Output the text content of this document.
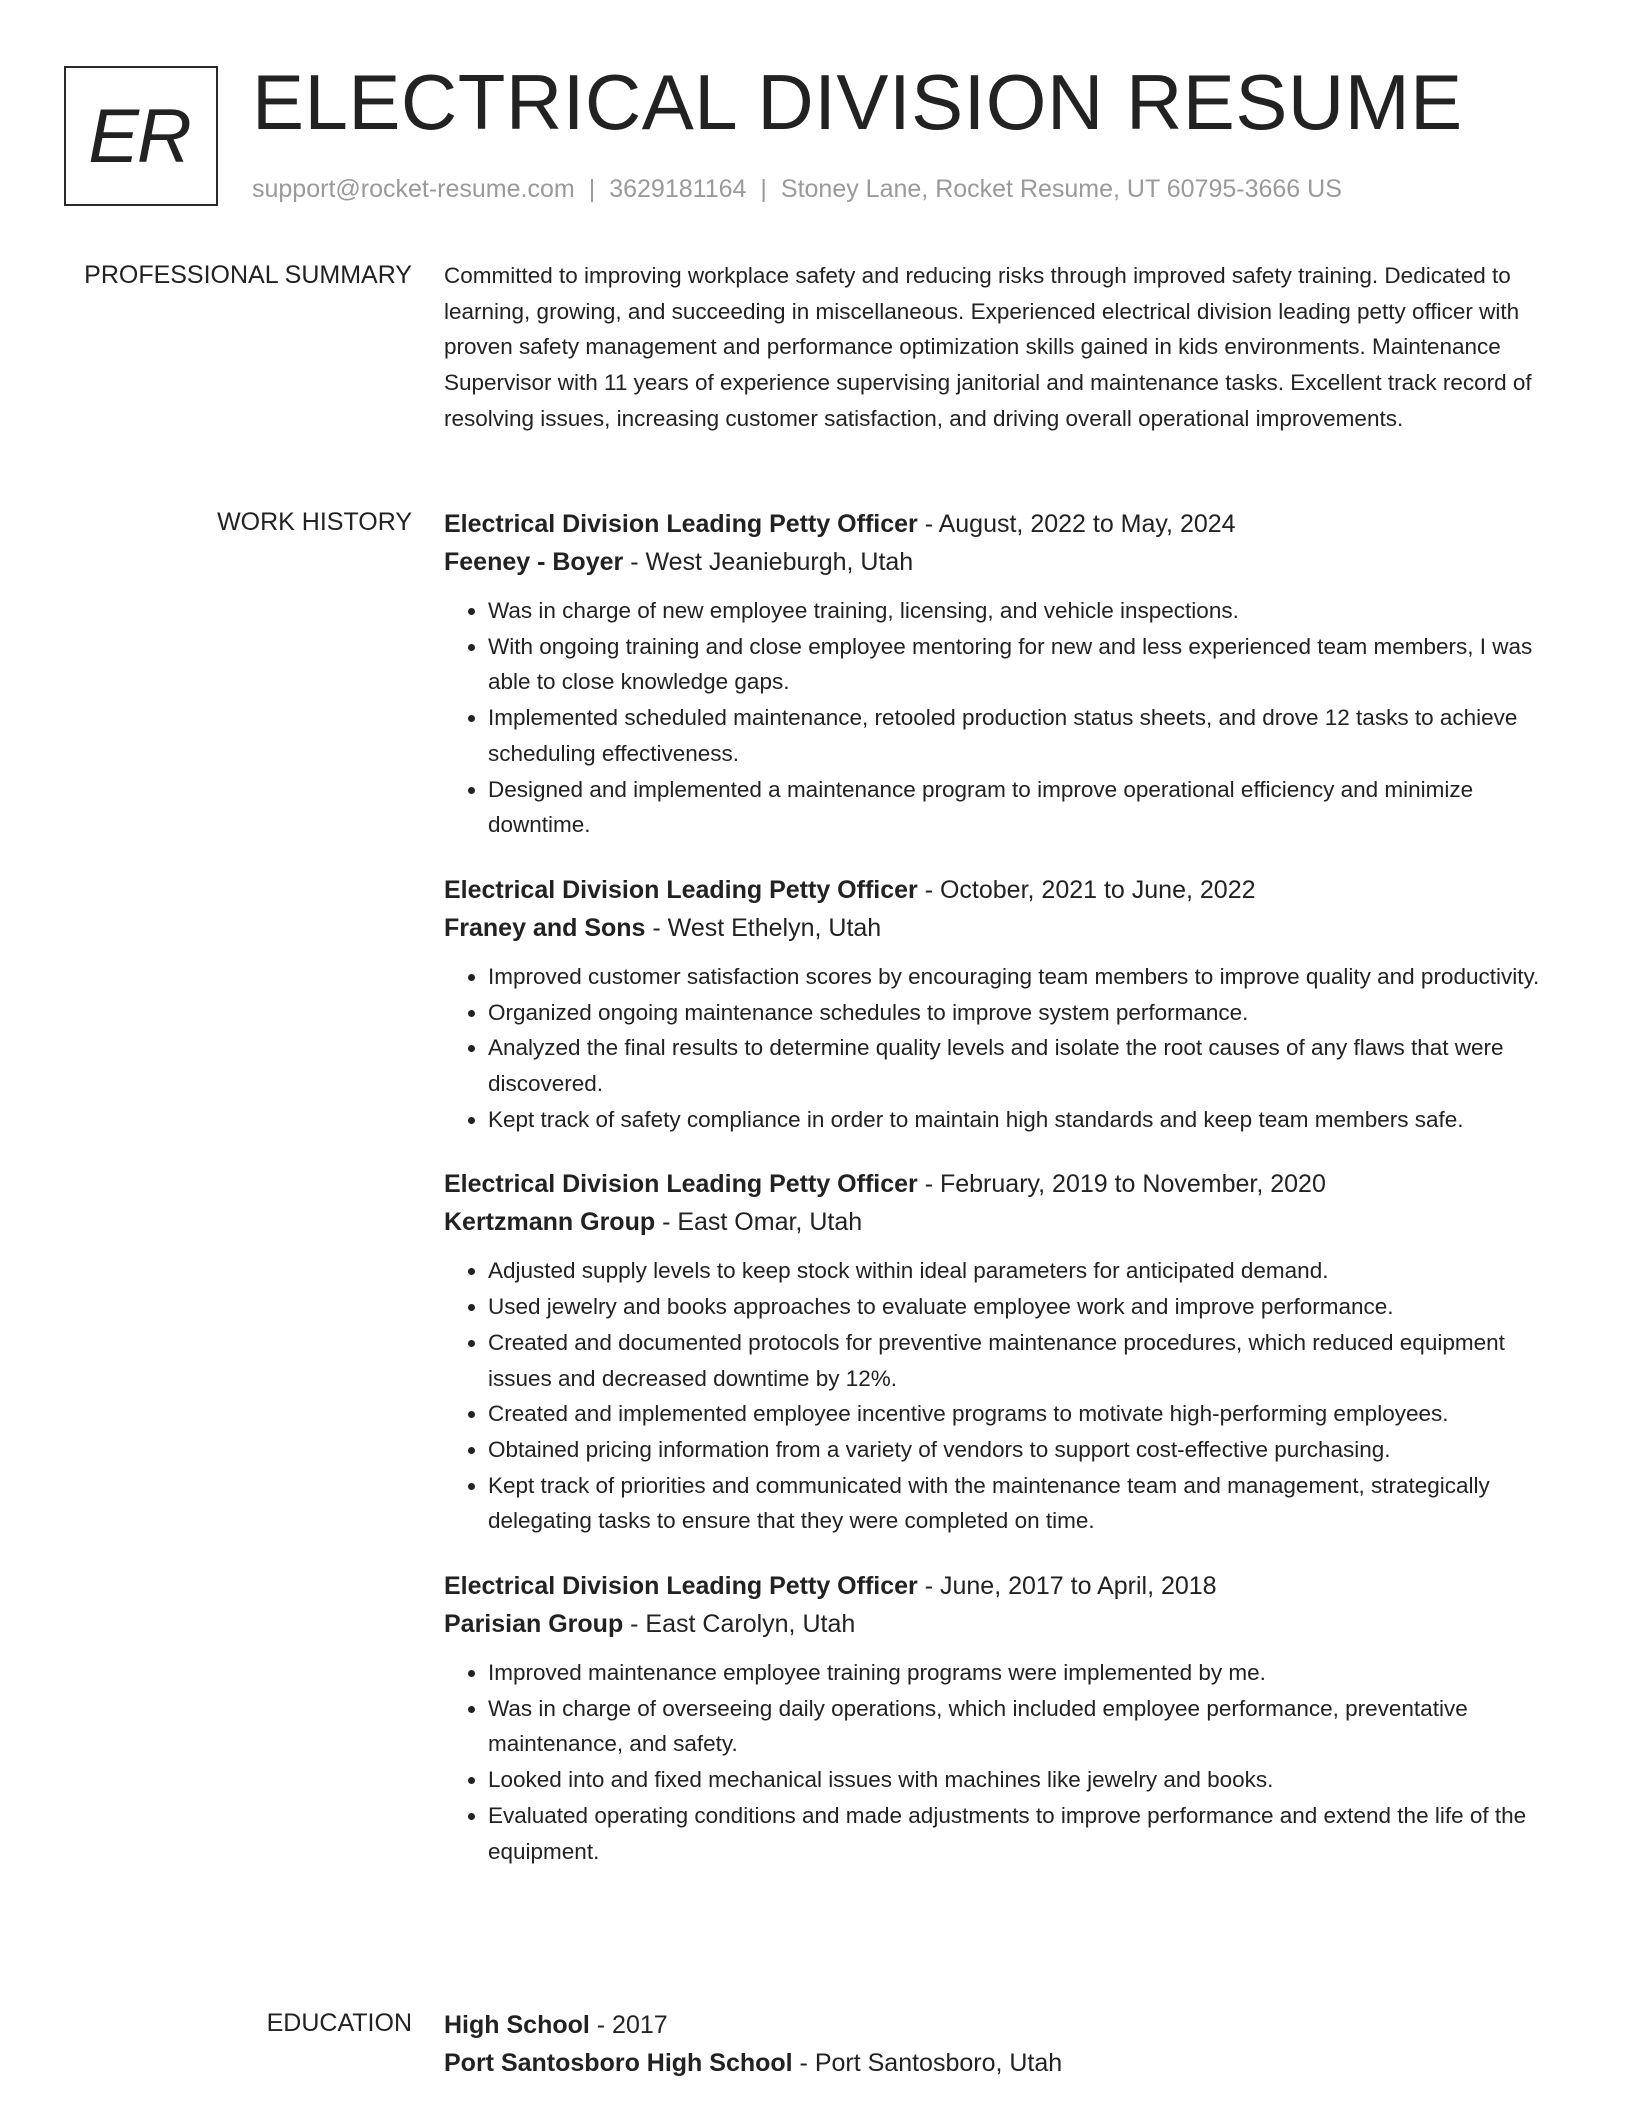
ER ELECTRICAL DIVISION RESUME
support@rocket-resume.com | 3629181164 | Stoney Lane, Rocket Resume, UT 60795-3666 US
PROFESSIONAL SUMMARY Committed to improving workplace safety and reducing risks through improved safety training. Dedicated to learning, growing, and succeeding in miscellaneous. Experienced electrical division leading petty officer with proven safety management and performance optimization skills gained in kids environments. Maintenance Supervisor with 11 years of experience supervising janitorial and maintenance tasks. Excellent track record of resolving issues, increasing customer satisfaction, and driving overall operational improvements.

WORK HISTORY Electrical Division Leading Petty Officer - August, 2022 to May, 2024
Feeney - Boyer - West Jeanieburgh, Utah
• Was in charge of new employee training, licensing, and vehicle inspections.
• With ongoing training and close employee mentoring for new and less experienced team members, I was able to close knowledge gaps.
• Implemented scheduled maintenance, retooled production status sheets, and drove 12 tasks to achieve scheduling effectiveness.
• Designed and implemented a maintenance program to improve operational efficiency and minimize downtime.
Electrical Division Leading Petty Officer - October, 2021 to June, 2022
Franey and Sons - West Ethelyn, Utah
• Improved customer satisfaction scores by encouraging team members to improve quality and productivity.
• Organized ongoing maintenance schedules to improve system performance.
• Analyzed the final results to determine quality levels and isolate the root causes of any flaws that were discovered.
• Kept track of safety compliance in order to maintain high standards and keep team members safe.
Electrical Division Leading Petty Officer - February, 2019 to November, 2020
Kertzmann Group - East Omar, Utah
• Adjusted supply levels to keep stock within ideal parameters for anticipated demand.
• Used jewelry and books approaches to evaluate employee work and improve performance.
• Created and documented protocols for preventive maintenance procedures, which reduced equipment issues and decreased downtime by 12%.
• Created and implemented employee incentive programs to motivate high-performing employees.
• Obtained pricing information from a variety of vendors to support cost-effective purchasing.
• Kept track of priorities and communicated with the maintenance team and management, strategically delegating tasks to ensure that they were completed on time.
Electrical Division Leading Petty Officer - June, 2017 to April, 2018
Parisian Group - East Carolyn, Utah
• Improved maintenance employee training programs were implemented by me.
• Was in charge of overseeing daily operations, which included employee performance, preventative maintenance, and safety.
• Looked into and fixed mechanical issues with machines like jewelry and books.
• Evaluated operating conditions and made adjustments to improve performance and extend the life of the equipment.
EDUCATION High School - 2017
Port Santosboro High School - Port Santosboro, Utah
